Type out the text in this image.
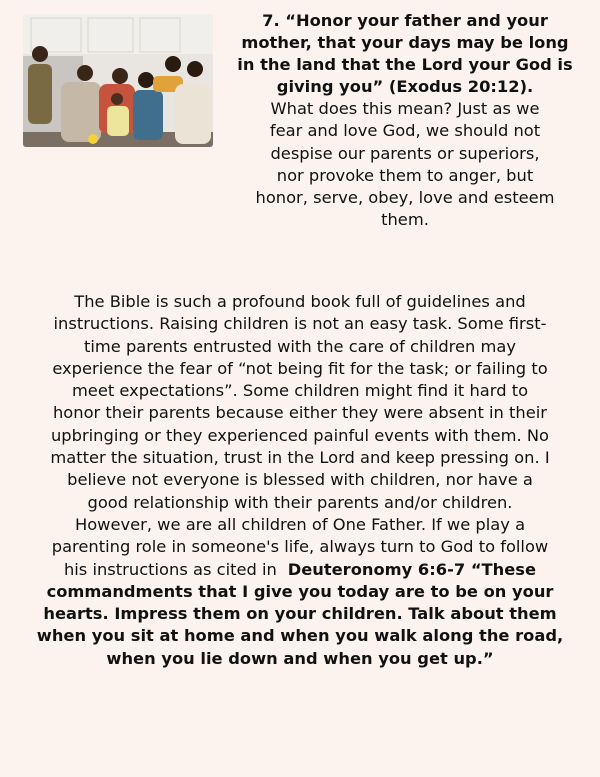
7. “Honor your father and your
mother, that your days may be long
in the land that the Lord your God is
giving you” (Exodus 20:12).
What does this mean? Just as we
fear and love God, we should not
despise our parents or superiors,
nor provoke them to anger, but
honor, serve, obey, love and esteem
them.
The Bible is such a profound book full of guidelines and
instructions. Raising children is not an easy task. Some first-
time parents entrusted with the care of children may
experience the fear of “not being fit for the task; or failing to
meet expectations”. Some children might find it hard to
honor their parents because either they were absent in their
upbringing or they experienced painful events with them. No
matter the situation, trust in the Lord and keep pressing on. I
believe not everyone is blessed with children, nor have a
good relationship with their parents and/or children.
However, we are all children of One Father. If we play a
parenting role in someone's life, always turn to God to follow
his instructions as cited in  Deuteronomy 6:6-7 “These
commandments that I give you today are to be on your
hearts. Impress them on your children. Talk about them
when you sit at home and when you walk along the road,
when you lie down and when you get up.”
